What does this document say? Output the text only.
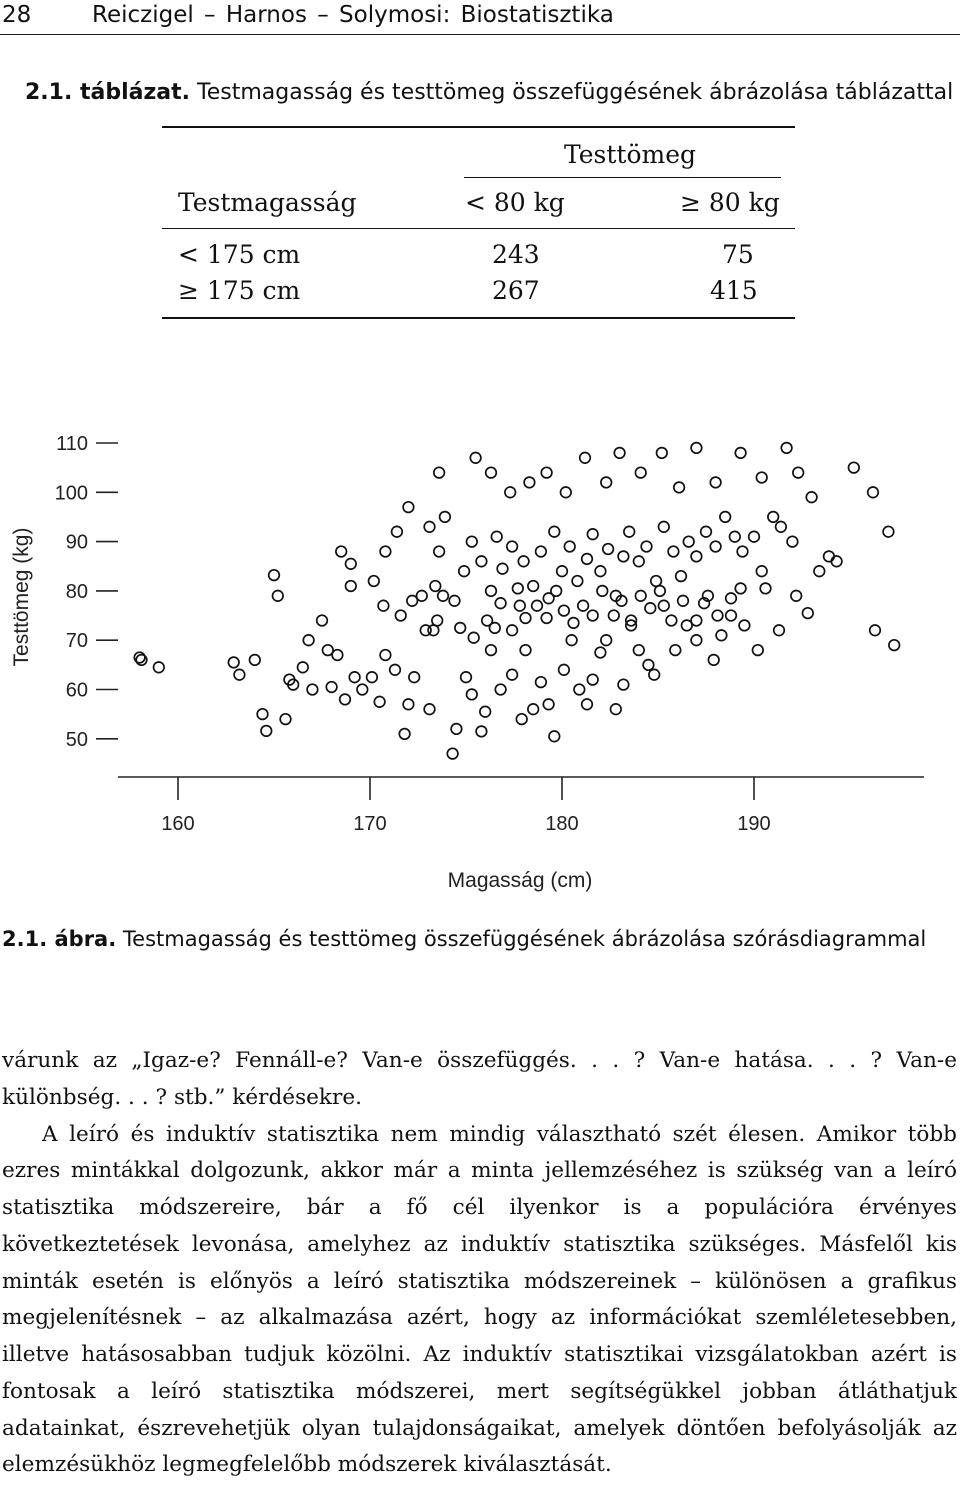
28	Reiczigel – Harnos – Solymosi: Biostatisztika
2.1. táblázat. Testmagasság és testtömeg összefüggésének ábrázolása táblázattal
Testtömeg
Testmagasság	< 80 kg	≥ 80 kg
< 175 cm	243	75
≥ 175 cm	267	415
50
60
70
80
90
100
110
160	170	180	190
Testtömeg (kg)
Magasság (cm)
2.1. ábra. Testmagasság és testtömeg összefüggésének ábrázolása szórásdiagrammal

várunk az „Igaz-e? Fennáll-e? Van-e összefüggés. . . ? Van-e hatása. . . ? Van-e különbség. . . ? stb.” kérdésekre.

A leíró és induktív statisztika nem mindig választható szét élesen. Amikor több ezres mintákkal dolgozunk, akkor már a minta jellemzéséhez is szükség van a leíró statisztika módszereire, bár a fő cél ilyenkor is a populációra érvényes következtetések levonása, amelyhez az induktív statisztika szükséges. Másfelől kis minták esetén is előnyös a leíró statisztika módszereinek – különösen a grafikus megjelenítésnek – az alkalmazása azért, hogy az információkat szemléletesebben, illetve hatásosabban tudjuk közölni. Az induktív statisztikai vizsgálatokban azért is fontosak a leíró statisztika módszerei, mert segítségükkel jobban átláthatjuk adatainkat, észrevehetjük olyan tulajdonságaikat, amelyek döntően befolyásolják az elemzésükhöz legmegfelelőbb módszerek kiválasztását.
